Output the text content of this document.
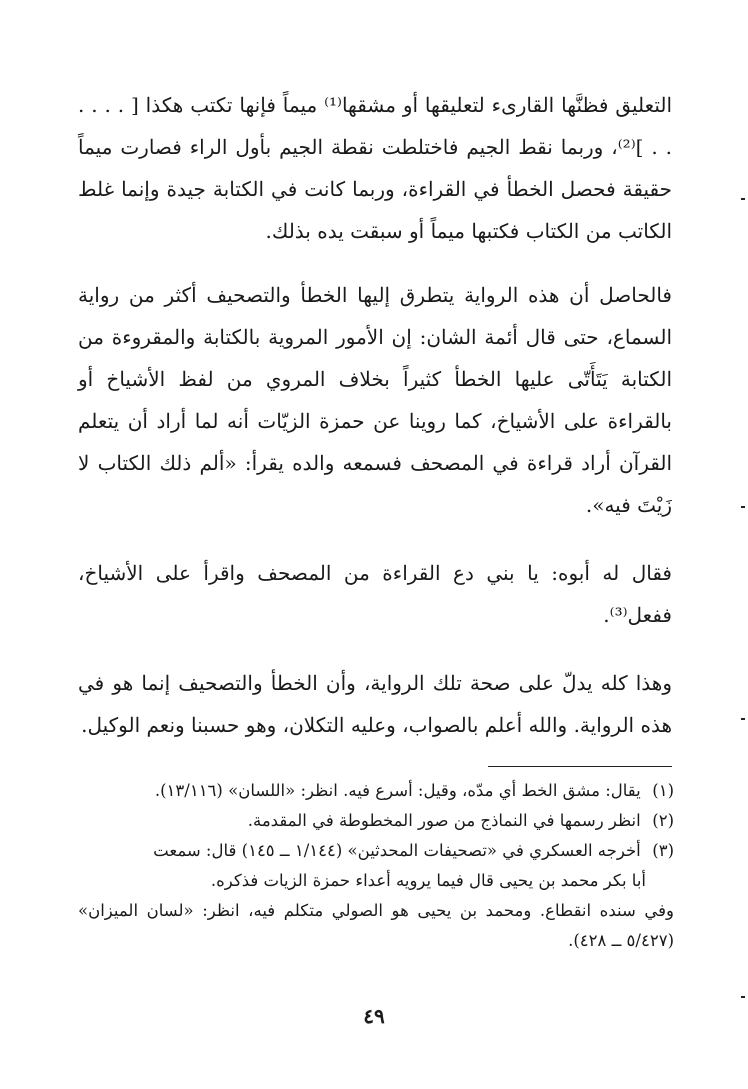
التعليق فظنَّها القارىء لتعليقها أو مشقها⁽¹⁾ ميماً فإنها تكتب هكذا [ . . . . . . ]⁽²⁾، وربما نقط الجيم فاختلطت نقطة الجيم بأول الراء فصارت ميماً حقيقة فحصل الخطأ في القراءة، وربما كانت في الكتابة جيدة وإنما غلط الكاتب من الكتاب فكتبها ميماً أو سبقت يده بذلك.

فالحاصل أن هذه الرواية يتطرق إليها الخطأ والتصحيف أكثر من رواية السماع، حتى قال أئمة الشان: إن الأمور المروية بالكتابة والمقروءة من الكتابة يَتَأَتّى عليها الخطأ كثيراً بخلاف المروي من لفظ الأشياخ أو بالقراءة على الأشياخ، كما روينا عن حمزة الزيّات أنه لما أراد أن يتعلم القرآن أراد قراءة في المصحف فسمعه والده يقرأ: «ألم ذلك الكتاب لا زَيْتَ فيه».

فقال له أبوه: يا بني دع القراءة من المصحف واقرأ على الأشياخ، ففعل⁽³⁾.

وهذا كله يدلّ على صحة تلك الرواية، وأن الخطأ والتصحيف إنما هو في هذه الرواية. والله أعلم بالصواب، وعليه التكلان، وهو حسبنا ونعم الوكيل.

(١) يقال: مشق الخط أي مدّه، وقيل: أسرع فيه. انظر: «اللسان» (١٣/١١٦).

(٢) انظر رسمها في النماذج من صور المخطوطة في المقدمة.

(٣) أخرجه العسكري في «تصحيفات المحدثين» (١/١٤٤ ــ ١٤٥) قال: سمعت

أبا بكر محمد بن يحيى قال فيما يرويه أعداء حمزة الزيات فذكره.

وفي سنده انقطاع. ومحمد بن يحيى هو الصولي متكلم فيه، انظر: «لسان الميزان» (٥/٤٢٧ ــ ٤٢٨).

٤٩
